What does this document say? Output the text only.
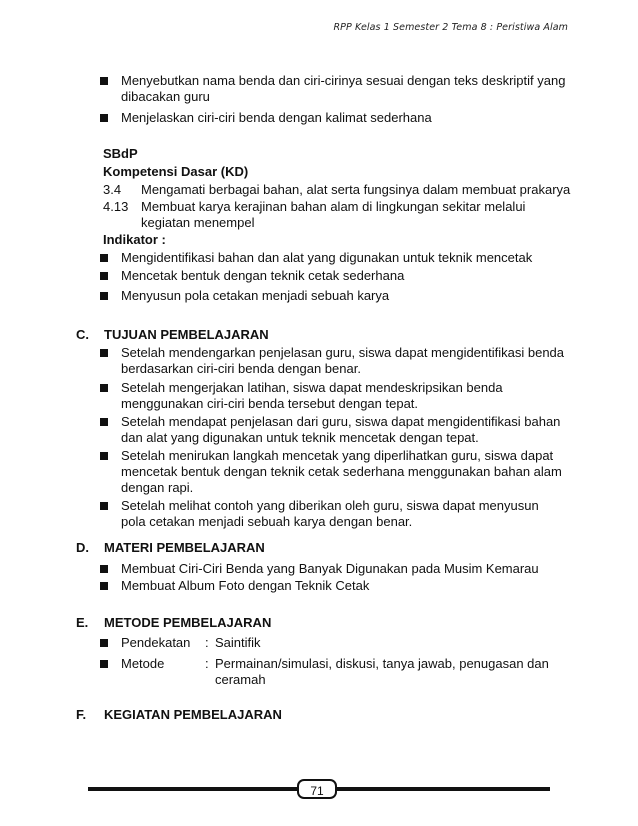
RPP Kelas 1 Semester 2 Tema 8 : Peristiwa Alam
Menyebutkan nama benda dan ciri-cirinya sesuai dengan teks deskriptif yang dibacakan guru
Menjelaskan ciri-ciri benda dengan kalimat sederhana
SBdP
Kompetensi Dasar (KD)
3.4 Mengamati berbagai bahan, alat serta fungsinya dalam membuat prakarya
4.13 Membuat karya kerajinan bahan alam di lingkungan sekitar melalui kegiatan menempel
Indikator :
Mengidentifikasi bahan dan alat yang digunakan untuk teknik mencetak
Mencetak bentuk dengan teknik cetak sederhana
Menyusun pola cetakan menjadi sebuah karya
C. TUJUAN PEMBELAJARAN
Setelah mendengarkan penjelasan guru, siswa dapat mengidentifikasi benda berdasarkan ciri-ciri benda dengan benar.
Setelah mengerjakan latihan, siswa dapat mendeskripsikan benda menggunakan ciri-ciri benda tersebut dengan tepat.
Setelah mendapat penjelasan dari guru, siswa dapat mengidentifikasi bahan dan alat yang digunakan untuk teknik mencetak dengan tepat.
Setelah menirukan langkah mencetak yang diperlihatkan guru, siswa dapat mencetak bentuk dengan teknik cetak sederhana menggunakan bahan alam dengan rapi.
Setelah melihat contoh yang diberikan oleh guru, siswa dapat menyusun pola cetakan menjadi sebuah karya dengan benar.
D. MATERI PEMBELAJARAN
Membuat Ciri-Ciri Benda yang Banyak Digunakan pada Musim Kemarau
Membuat Album Foto dengan Teknik Cetak
E. METODE PEMBELAJARAN
Pendekatan : Saintifik
Metode	: Permainan/simulasi, diskusi, tanya jawab, penugasan dan ceramah
F. KEGIATAN PEMBELAJARAN
71
